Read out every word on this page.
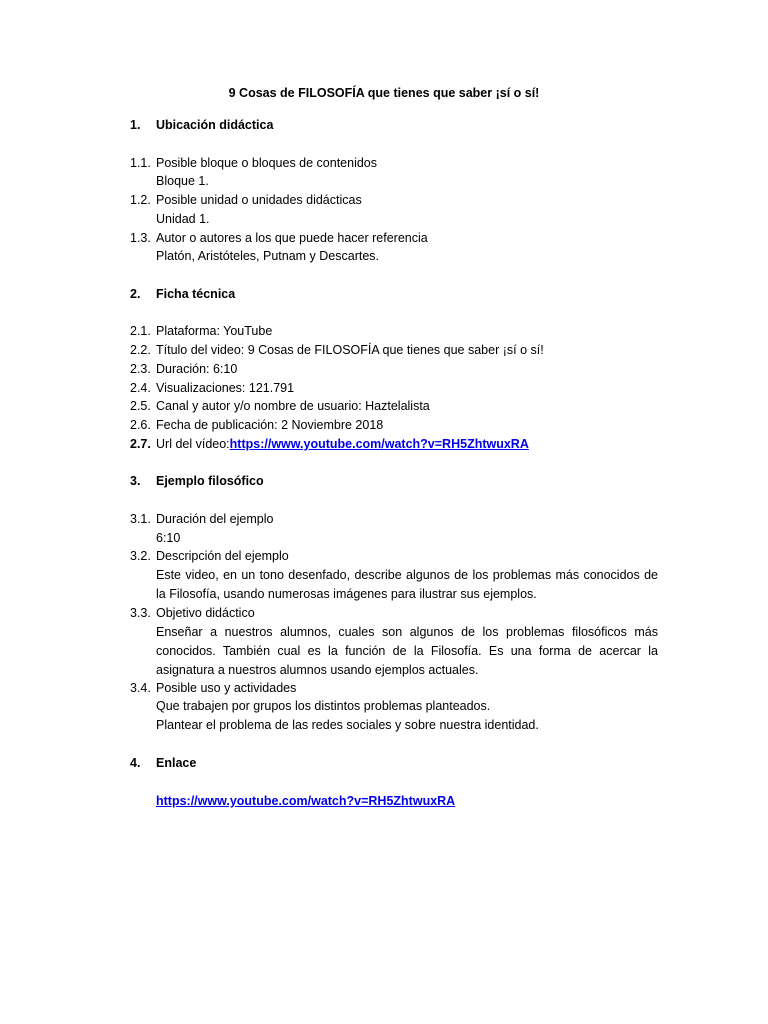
9 Cosas de FILOSOFÍA que tienes que saber ¡sí o sí!
1.	Ubicación didáctica
1.1. Posible bloque o bloques de contenidos
Bloque 1.
1.2. Posible unidad o unidades didácticas
Unidad 1.
1.3. Autor o autores a los que puede hacer referencia
Platón, Aristóteles, Putnam y Descartes.
2.	Ficha técnica
2.1. Plataforma: YouTube
2.2. Título del video: 9 Cosas de FILOSOFÍA que tienes que saber ¡sí o sí!
2.3. Duración: 6:10
2.4. Visualizaciones: 121.791
2.5. Canal y autor y/o nombre de usuario: Haztelalista
2.6. Fecha de publicación: 2 Noviembre 2018
2.7. Url del vídeo:https://www.youtube.com/watch?v=RH5ZhtwuxRA
3.	Ejemplo filosófico
3.1. Duración del ejemplo
6:10
3.2. Descripción del ejemplo
Este video, en un tono desenfado, describe algunos de los problemas más conocidos de la Filosofía, usando numerosas imágenes para ilustrar sus ejemplos.
3.3. Objetivo didáctico
Enseñar a nuestros alumnos, cuales son algunos de los problemas filosóficos más conocidos. También cual es la función de la Filosofía. Es una forma de acercar la asignatura a nuestros alumnos usando ejemplos actuales.
3.4. Posible uso y actividades
Que trabajen por grupos los distintos problemas planteados.
Plantear el problema de las redes sociales y sobre nuestra identidad.
4.	Enlace
https://www.youtube.com/watch?v=RH5ZhtwuxRA
